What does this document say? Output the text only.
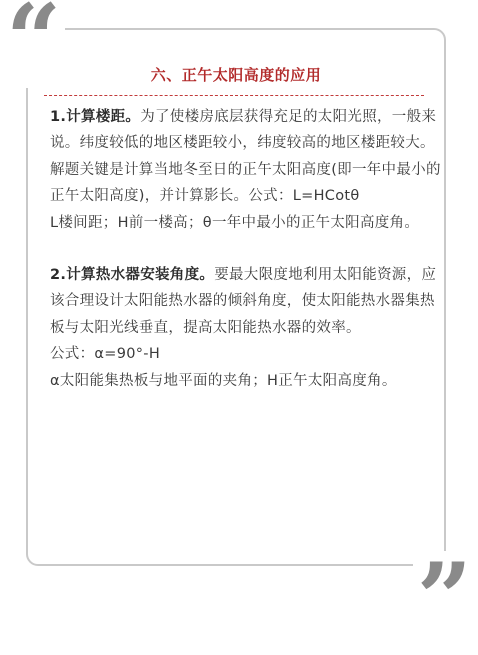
“
”
六、正午太阳高度的应用

1.计算楼距。为了使楼房底层获得充足的太阳光照，一般来说。纬度较低的地区楼距较小，纬度较高的地区楼距较大。解题关键是计算当地冬至日的正午太阳高度(即一年中最小的正午太阳高度)，并计算影长。公式：L=HCotθ

L楼间距；H前一楼高；θ一年中最小的正午太阳高度角。

2.计算热水器安装角度。要最大限度地利用太阳能资源，应该合理设计太阳能热水器的倾斜角度，使太阳能热水器集热板与太阳光线垂直，提高太阳能热水器的效率。

公式：α=90°-H

α太阳能集热板与地平面的夹角；H正午太阳高度角。
